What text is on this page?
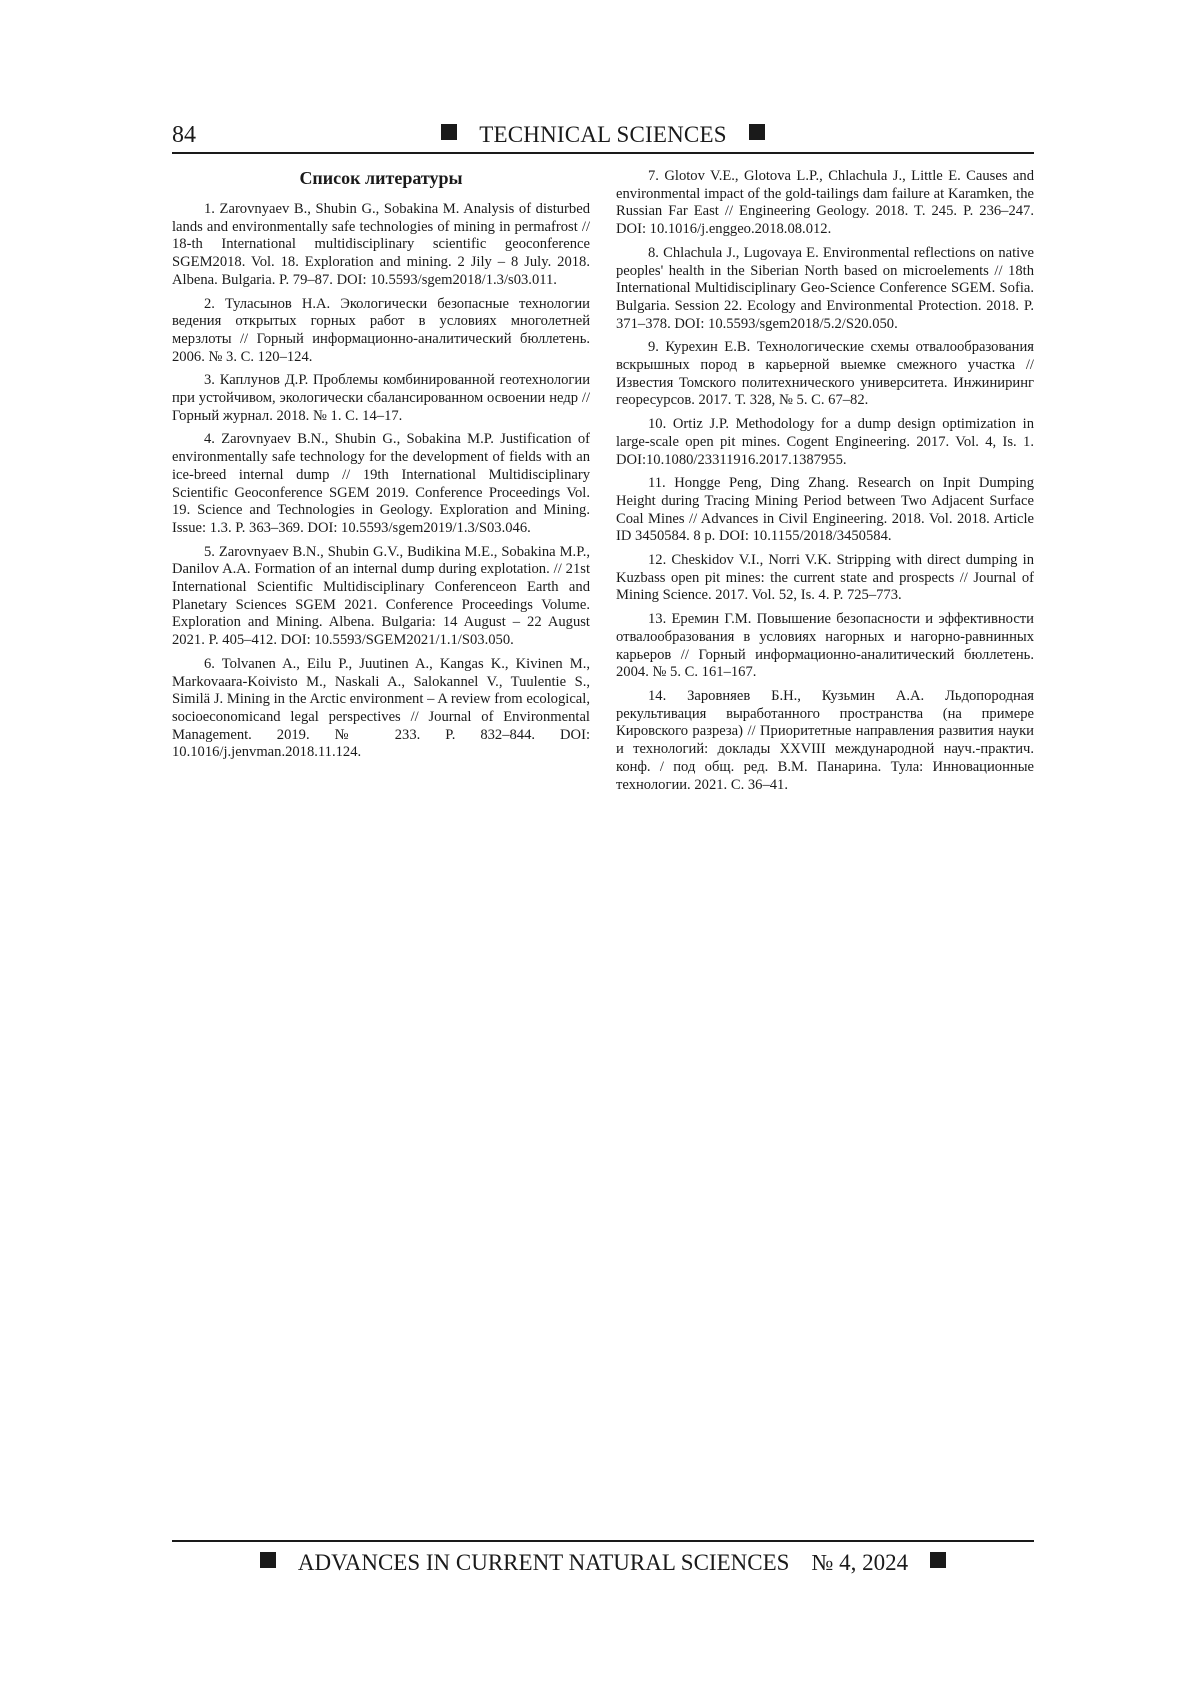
84	TECHNICAL SCIENCES
Список литературы

1. Zarovnyaev B., Shubin G., Sobakina M. Analysis of disturbed lands and environmentally safe technologies of mining in permafrost // 18-th International multidisciplinary scientific geoconference SGEM2018. Vol. 18. Exploration and mining. 2 Jily – 8 July. 2018. Albena. Bulgaria. P. 79–87. DOI: 10.5593/sgem2018/1.3/s03.011.

2. Туласынов Н.А. Экологически безопасные технологии ведения открытых горных работ в условиях многолетней мерзлоты // Горный информационно-аналитический бюллетень. 2006. № 3. С. 120–124.

3. Каплунов Д.Р. Проблемы комбинированной геотехнологии при устойчивом, экологически сбалансированном освоении недр // Горный журнал. 2018. № 1. С. 14–17.

4. Zarovnyaev B.N., Shubin G., Sobakina M.P. Justification of environmentally safe technology for the development of fields with an ice-breed internal dump // 19th International Multidisciplinary Scientific Geoconference SGEM 2019. Conference Proceedings Vol. 19. Science and Technologies in Geology. Exploration and Mining. Issue: 1.3. P. 363–369. DOI: 10.5593/sgem2019/1.3/S03.046.

5. Zarovnyaev B.N., Shubin G.V., Budikina M.E., Sobakina M.P., Danilov A.A. Formation of an internal dump during explotation. // 21st International Scientific Multidisciplinary Conferenceon Earth and Planetary Sciences SGEM 2021. Conference Proceedings Volume. Exploration and Mining. Albena. Bulgaria: 14 August – 22 August 2021. P. 405–412. DOI: 10.5593/SGEM2021/1.1/S03.050.

6. Tolvanen A., Eilu P., Juutinen A., Kangas K., Kivinen M., Markovaara-Koivisto M., Naskali A., Salokannel V., Tuulentie S., Similä J. Mining in the Arctic environment – A review from ecological, socioeconomicand legal perspectives // Journal of Environmental Management. 2019. № 233. P. 832–844. DOI: 10.1016/j.jenvman.2018.11.124.

7. Glotov V.E., Glotova L.P., Chlachula J., Little E. Causes and environmental impact of the gold-tailings dam failure at Karamken, the Russian Far East // Engineering Geology. 2018. T. 245. P. 236–247. DOI: 10.1016/j.enggeo.2018.08.012.

8. Chlachula J., Lugovaya E. Environmental reflections on native peoples' health in the Siberian North based on microelements // 18th International Multidisciplinary Geo-Science Conference SGEM. Sofia. Bulgaria. Session 22. Ecology and Environmental Protection. 2018. P. 371–378. DOI: 10.5593/sgem2018/5.2/S20.050.

9. Курехин Е.В. Технологические схемы отвалообразования вскрышных пород в карьерной выемке смежного участка // Известия Томского политехнического университета. Инжиниринг георесурсов. 2017. Т. 328, № 5. С. 67–82.

10. Ortiz J.P. Methodology for a dump design optimization in large-scale open pit mines. Cogent Engineering. 2017. Vol. 4, Is. 1. DOI:10.1080/23311916.2017.1387955.

11. Hongge Peng, Ding Zhang. Research on Inpit Dumping Height during Tracing Mining Period between Two Adjacent Surface Coal Mines // Advances in Civil Engineering. 2018. Vol. 2018. Article ID 3450584. 8 p. DOI: 10.1155/2018/3450584.

12. Cheskidov V.I., Norri V.K. Stripping with direct dumping in Kuzbass open pit mines: the current state and prospects // Journal of Mining Science. 2017. Vol. 52, Is. 4. P. 725–773.

13. Еремин Г.М. Повышение безопасности и эффективности отвалообразования в условиях нагорных и нагорно-равнинных карьеров // Горный информационно-аналитический бюллетень. 2004. № 5. С. 161–167.

14. Заровняев Б.Н., Кузьмин А.А. Льдопородная рекультивация выработанного пространства (на примере Кировского разреза) // Приоритетные направления развития науки и технологий: доклады XXVIII международной науч.-практич. конф. / под общ. ред. В.М. Панарина. Тула: Инновационные технологии. 2021. С. 36–41.

ADVANCES IN CURRENT NATURAL SCIENCES № 4, 2024
